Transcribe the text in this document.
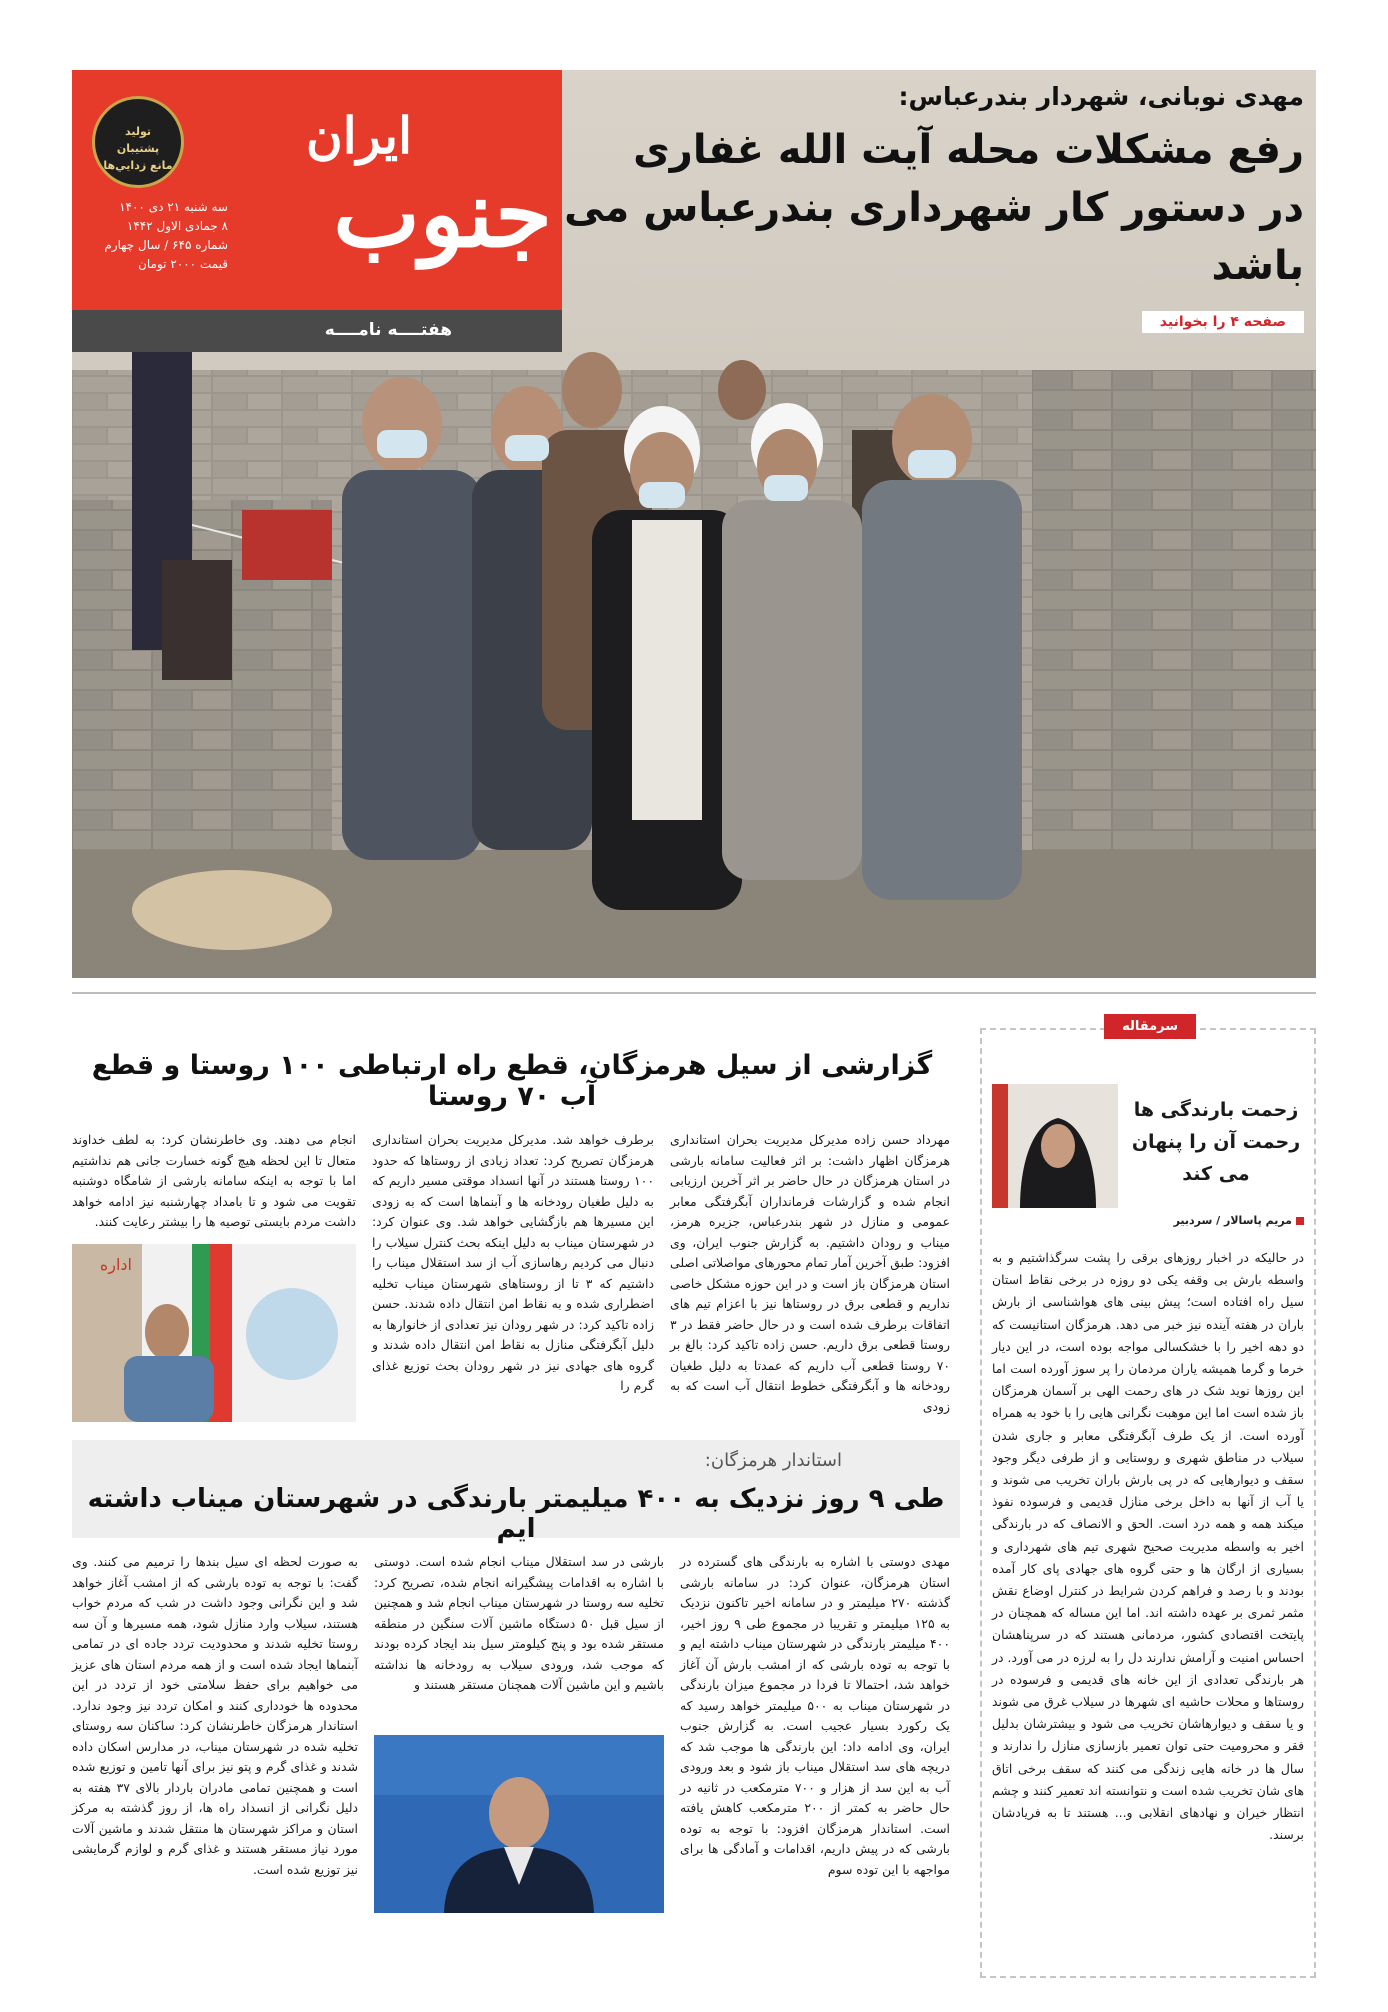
مهدی نوبانی، شهردار بندرعباس:
رفع مشکلات محله آیت الله غفاری
در دستور کار شهرداری بندرعباس می باشد
صفحه ۴ را بخوانید
ایران
جنوب
توليد
پشتيبان
مانع زدايي‌ها
سه شنبه ۲۱ دی ۱۴۰۰
۸ جمادی الاول ۱۴۴۲
شماره ۶۴۵ / سال چهارم
قیمت ۲۰۰۰ تومان
هفتــــه نامــــه
سرمقاله
زحمت بارندگی ها رحمت آن را پنهان می کند
مریم پاسالار / سردبیر
در حالیکه در اخبار روزهای برقی را پشت سرگذاشتیم و به واسطه بارش بی وقفه یکی دو روزه در برخی نقاط استان سیل راه افتاده است؛ پیش بینی های هواشناسی از بارش باران در هفته آینده نیز خبر می دهد. هرمزگان استانیست که دو دهه اخیر را با خشکسالی مواجه بوده است، در این دیار خرما و گرما همیشه یاران مردمان را پر سوز آورده است اما این روزها نوید شک در های رحمت الهی بر آسمان هرمزگان باز شده است اما این موهبت نگرانی هایی را با خود به همراه آورده است. از یک طرف آبگرفتگی معابر و جاری شدن سیلاب در مناطق شهری و روستایی و از طرفی دیگر وجود سقف و دیوارهایی که در پی بارش باران تخریب می شوند و یا آب از آنها به داخل برخی منازل قدیمی و فرسوده نفوذ میکند همه و همه درد است. الحق و الانصاف که در بارندگی اخیر به واسطه مدیریت صحیح شهری تیم های شهرداری و بسیاری از ارگان ها و حتی گروه های جهادی پای کار آمده بودند و با رصد و فراهم کردن شرایط در کنترل اوضاع نقش مثمر ثمری بر عهده داشته اند. اما این مساله که همچنان در پایتخت اقتصادی کشور، مردمانی هستند که در سرپناهشان احساس امنیت و آرامش ندارند دل را به لرزه در می آورد. در هر بارندگی تعدادی از این خانه های قدیمی و فرسوده در روستاها و محلات حاشیه ای شهرها در سیلاب غرق می شوند و یا سقف و دیوارهاشان تخریب می شود و بیشترشان بدلیل فقر و محرومیت حتی توان تعمیر بازسازی منازل را ندارند و سال ها در خانه هایی زندگی می کنند که سقف برخی اتاق های شان تخریب شده است و نتوانسته اند تعمیر کنند و چشم انتظار خیران و نهادهای انقلابی و... هستند تا به فریادشان برسند.
گزارشی از سیل هرمزگان، قطع راه ارتباطی ۱۰۰ روستا و قطع آب ۷۰ روستا
مهرداد حسن زاده مدیرکل مدیریت بحران استانداری هرمزگان اظهار داشت: بر اثر فعالیت سامانه بارشی در استان هرمزگان در حال حاضر بر اثر آخرین ارزیابی انجام شده و گزارشات فرمانداران آبگرفتگی معابر عمومی و منازل در شهر بندرعباس، جزیره هرمز، میناب و رودان داشتیم. به گزارش جنوب ایران، وی افزود: طبق آخرین آمار تمام محورهای مواصلاتی اصلی استان هرمزگان باز است و در این حوزه مشکل خاصی نداریم و قطعی برق در روستاها نیز با اعزام تیم های اتفاقات برطرف شده است و در حال حاضر فقط در ۳ روستا قطعی برق داریم. حسن زاده تاکید کرد: بالغ بر ۷۰ روستا قطعی آب داریم که عمدتا به دلیل طغیان رودخانه ها و آبگرفتگی خطوط انتقال آب است که به زودی
برطرف خواهد شد. مدیرکل مدیریت بحران استانداری هرمزگان تصریح کرد: تعداد زیادی از روستاها که حدود ۱۰۰ روستا هستند در آنها انسداد موقتی مسیر داریم که به دلیل طغیان رودخانه ها و آبنماها است که به زودی این مسیرها هم بازگشایی خواهد شد. وی عنوان کرد: در شهرستان میناب به دلیل اینکه بحث کنترل سیلاب را دنبال می کردیم رهاسازی آب از سد استقلال میناب را داشتیم که ۳ تا از روستاهای شهرستان میناب تخلیه اضطراری شده و به نقاط امن انتقال داده شدند. حسن زاده تاکید کرد: در شهر رودان نیز تعدادی از خانوارها به دلیل آبگرفتگی منازل به نقاط امن انتقال داده شدند و گروه های جهادی نیز در شهر رودان بحث توزیع غذای گرم را
انجام می دهند. وی خاطرنشان کرد: به لطف خداوند متعال تا این لحظه هیچ گونه خسارت جانی هم نداشتیم اما با توجه به اینکه سامانه بارشی از شامگاه دوشنبه تقویت می شود و تا بامداد چهارشنبه نیز ادامه خواهد داشت مردم بایستی توصیه ها را بیشتر رعایت کنند.
اداره
استاندار هرمزگان:
طی ۹ روز نزدیک به ۴۰۰ میلیمتر بارندگی در شهرستان میناب داشته ایم
مهدی دوستی با اشاره به بارندگی های گسترده در استان هرمزگان، عنوان کرد: در سامانه بارشی گذشته ۲۷۰ میلیمتر و در سامانه اخیر تاکنون نزدیک به ۱۲۵ میلیمتر و تقریبا در مجموع طی ۹ روز اخیر، ۴۰۰ میلیمتر بارندگی در شهرستان میناب داشته ایم و با توجه به توده بارشی که از امشب بارش آن آغاز خواهد شد، احتمالا تا فردا در مجموع میزان بارندگی در شهرستان میناب به ۵۰۰ میلیمتر خواهد رسید که یک رکورد بسیار عجیب است. به گزارش جنوب ایران، وی ادامه داد: این بارندگی ها موجب شد که دریچه های سد استقلال میناب باز شود و بعد ورودی آب به این سد از هزار و ۷۰۰ مترمکعب در ثانیه در حال حاضر به کمتر از ۲۰۰ مترمکعب کاهش یافته است. استاندار هرمزگان افزود: با توجه به توده بارشی که در پیش داریم، اقدامات و آمادگی ها برای مواجهه با این توده سوم
بارشی در سد استقلال میناب انجام شده است. دوستی با اشاره به اقدامات پیشگیرانه انجام شده، تصریح کرد: تخلیه سه روستا در شهرستان میناب انجام شد و همچنین از سیل قبل ۵۰ دستگاه ماشین آلات سنگین در منطقه مستقر شده بود و پنج کیلومتر سیل بند ایجاد کرده بودند که موجب شد، ورودی سیلاب به رودخانه ها نداشته باشیم و این ماشین آلات همچنان مستقر هستند و
به صورت لحظه ای سیل بندها را ترمیم می کنند. وی گفت: با توجه به توده بارشی که از امشب آغاز خواهد شد و این نگرانی وجود داشت در شب که مردم خواب هستند، سیلاب وارد منازل شود، همه مسیرها و آن سه روستا تخلیه شدند و محدودیت تردد جاده ای در تمامی آبنماها ایجاد شده است و از همه مردم استان های عزیز می خواهیم برای حفظ سلامتی خود از تردد در این محدوده ها خودداری کنند و امکان تردد نیز وجود ندارد. استاندار هرمزگان خاطرنشان کرد: ساکنان سه روستای تخلیه شده در شهرستان میناب، در مدارس اسکان داده شدند و غذای گرم و پتو نیز برای آنها تامین و توزیع شده است و همچنین تمامی مادران باردار بالای ۳۷ هفته به دلیل نگرانی از انسداد راه ها، از روز گذشته به مرکز استان و مراکز شهرستان ها منتقل شدند و ماشین آلات مورد نیاز مستقر هستند و غذای گرم و لوازم گرمایشی نیز توزیع شده است.
